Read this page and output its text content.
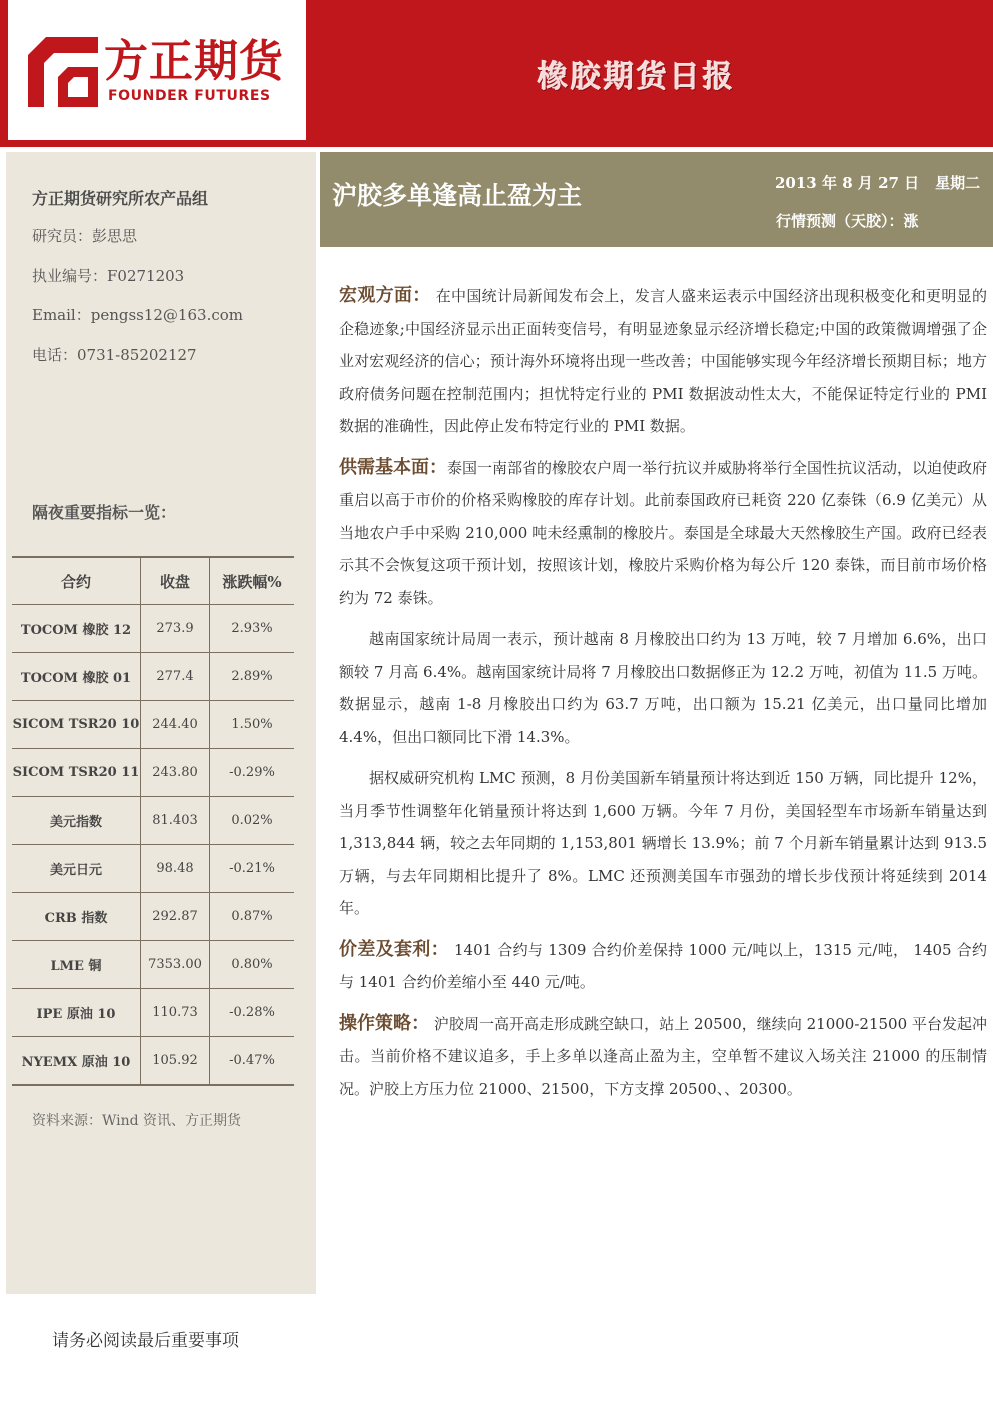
方正期货
FOUNDER FUTURES
橡胶期货日报
方正期货研究所农产品组
研究员：彭思思
执业编号：F0271203
Email：pengss12@163.com
电话：0731-85202127
隔夜重要指标一览：
合约	收盘	涨跌幅%
TOCOM 橡胶 12	273.9	2.93%
TOCOM 橡胶 01	277.4	2.89%
SICOM TSR20 10	244.40	1.50%
SICOM TSR20 11	243.80	-0.29%
美元指数	81.403	0.02%
美元日元	98.48	-0.21%
CRB 指数	292.87	0.87%
LME 铜	7353.00	0.80%
IPE 原油 10	110.73	-0.28%
NYEMX 原油 10	105.92	-0.47%
资料来源：Wind 资讯、方正期货
沪胶多单逢高止盈为主	2013 年 8 月 27 日 星期二
行情预测（天胶）：涨

宏观方面： 在中国统计局新闻发布会上，发言人盛来运表示中国经济出现积极变化和更明显的企稳迹象;中国经济显示出正面转变信号，有明显迹象显示经济增长稳定;中国的政策微调增强了企业对宏观经济的信心；预计海外环境将出现一些改善；中国能够实现今年经济增长预期目标；地方政府债务问题在控制范围内；担忧特定行业的 PMI 数据波动性太大，不能保证特定行业的 PMI 数据的准确性，因此停止发布特定行业的 PMI 数据。

供需基本面：泰国一南部省的橡胶农户周一举行抗议并威胁将举行全国性抗议活动，以迫使政府重启以高于市价的价格采购橡胶的库存计划。此前泰国政府已耗资 220 亿泰铢（6.9 亿美元）从当地农户手中采购 210,000 吨未经熏制的橡胶片。泰国是全球最大天然橡胶生产国。政府已经表示其不会恢复这项干预计划，按照该计划，橡胶片采购价格为每公斤 120 泰铢，而目前市场价格约为 72 泰铢。

越南国家统计局周一表示，预计越南 8 月橡胶出口约为 13 万吨，较 7 月增加 6.6%，出口额较 7 月高 6.4%。越南国家统计局将 7 月橡胶出口数据修正为 12.2 万吨，初值为 11.5 万吨。数据显示，越南 1-8 月橡胶出口约为 63.7 万吨，出口额为 15.21 亿美元，出口量同比增加 4.4%，但出口额同比下滑 14.3%。

据权威研究机构 LMC 预测，8 月份美国新车销量预计将达到近 150 万辆，同比提升 12%，当月季节性调整年化销量预计将达到 1,600 万辆。今年 7 月份，美国轻型车市场新车销量达到 1,313,844 辆，较之去年同期的 1,153,801 辆增长 13.9%；前 7 个月新车销量累计达到 913.5 万辆，与去年同期相比提升了 8%。LMC 还预测美国车市强劲的增长步伐预计将延续到 2014 年。

价差及套利： 1401 合约与 1309 合约价差保持 1000 元/吨以上，1315 元/吨， 1405 合约与 1401 合约价差缩小至 440 元/吨。

操作策略： 沪胶周一高开高走形成跳空缺口，站上 20500，继续向 21000-21500 平台发起冲击。当前价格不建议追多，手上多单以逢高止盈为主，空单暂不建议入场关注 21000 的压制情况。沪胶上方压力位 21000、21500，下方支撑 20500、、20300。

请务必阅读最后重要事项
